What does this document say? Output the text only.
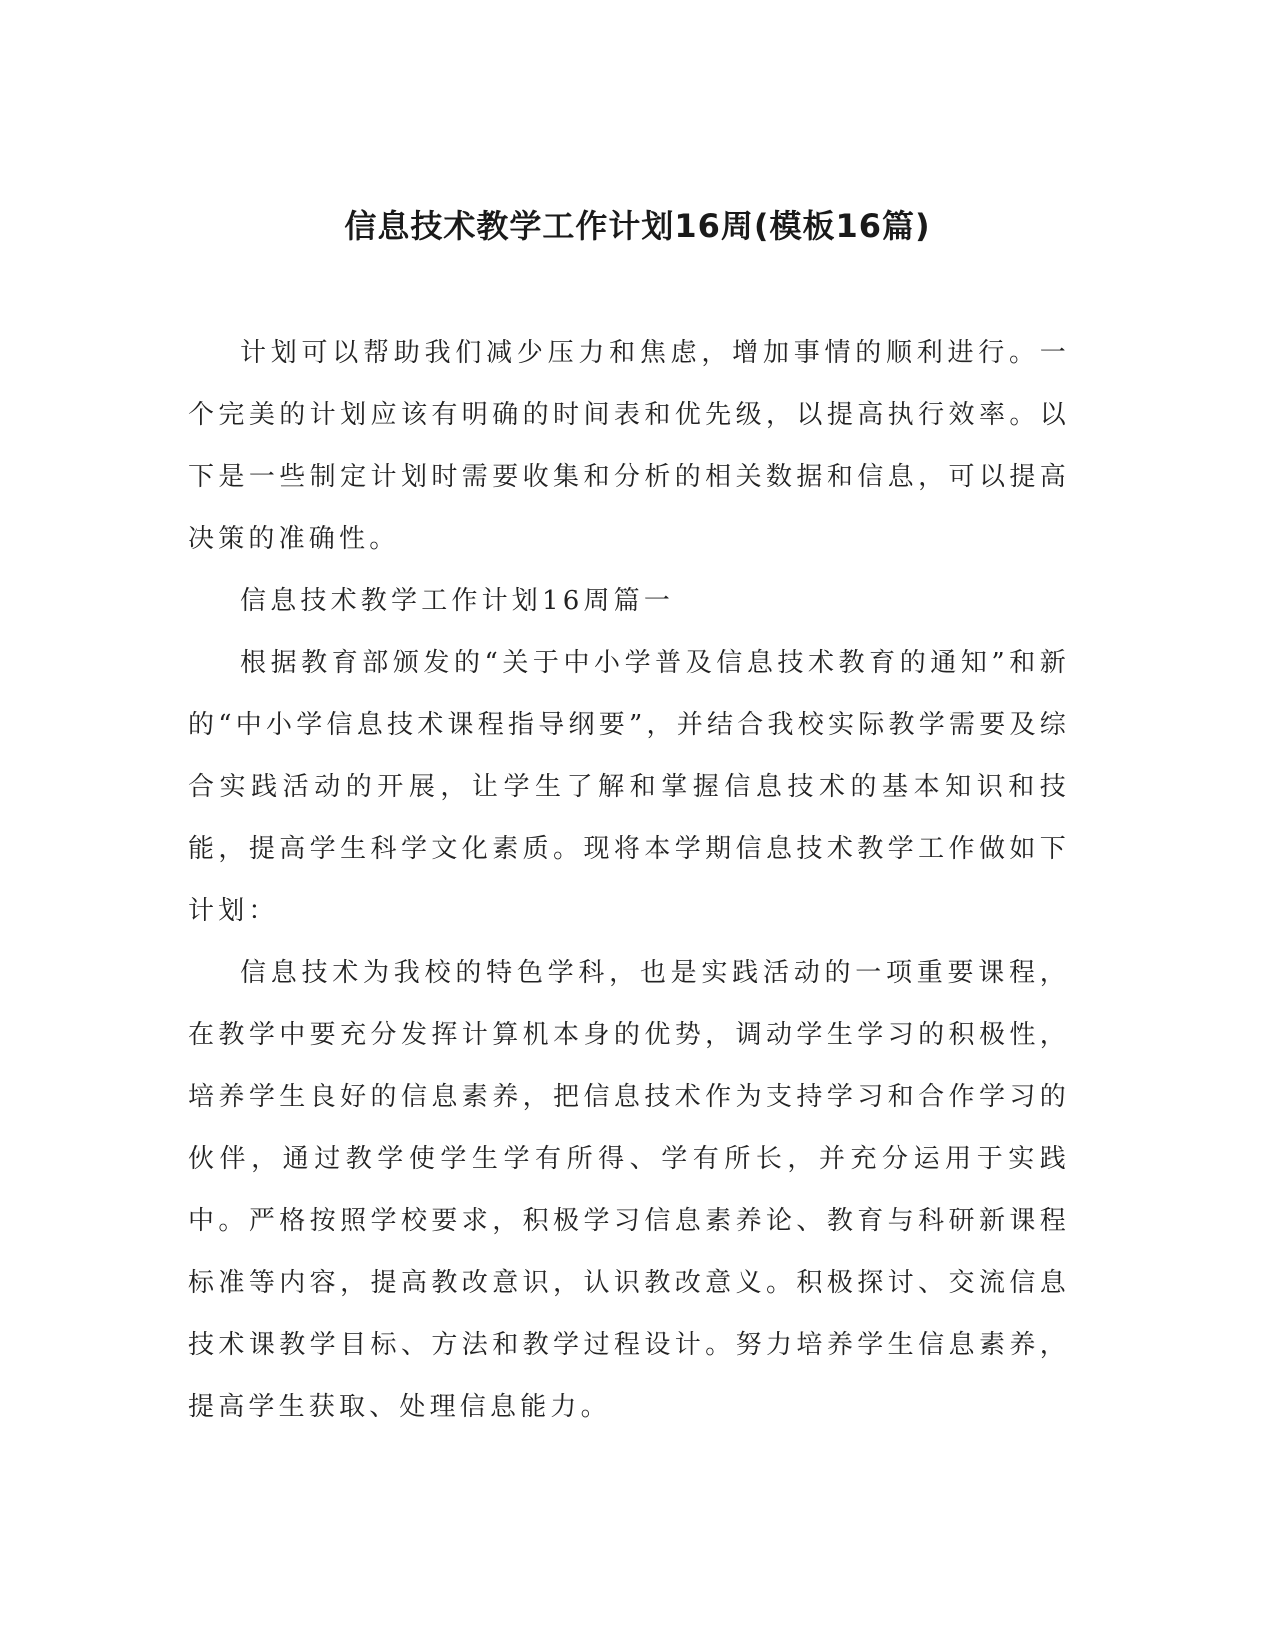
信息技术教学工作计划16周(模板16篇)

计划可以帮助我们减少压力和焦虑，增加事情的顺利进行。一个完美的计划应该有明确的时间表和优先级，以提高执行效率。以下是一些制定计划时需要收集和分析的相关数据和信息，可以提高决策的准确性。

信息技术教学工作计划16周篇一

根据教育部颁发的“关于中小学普及信息技术教育的通知”和新的“中小学信息技术课程指导纲要”，并结合我校实际教学需要及综合实践活动的开展，让学生了解和掌握信息技术的基本知识和技能，提高学生科学文化素质。现将本学期信息技术教学工作做如下计划：

信息技术为我校的特色学科，也是实践活动的一项重要课程，在教学中要充分发挥计算机本身的优势，调动学生学习的积极性，培养学生良好的信息素养，把信息技术作为支持学习和合作学习的伙伴，通过教学使学生学有所得、学有所长，并充分运用于实践中。严格按照学校要求，积极学习信息素养论、教育与科研新课程标准等内容，提高教改意识，认识教改意义。积极探讨、交流信息技术课教学目标、方法和教学过程设计。努力培养学生信息素养，提高学生获取、处理信息能力。
